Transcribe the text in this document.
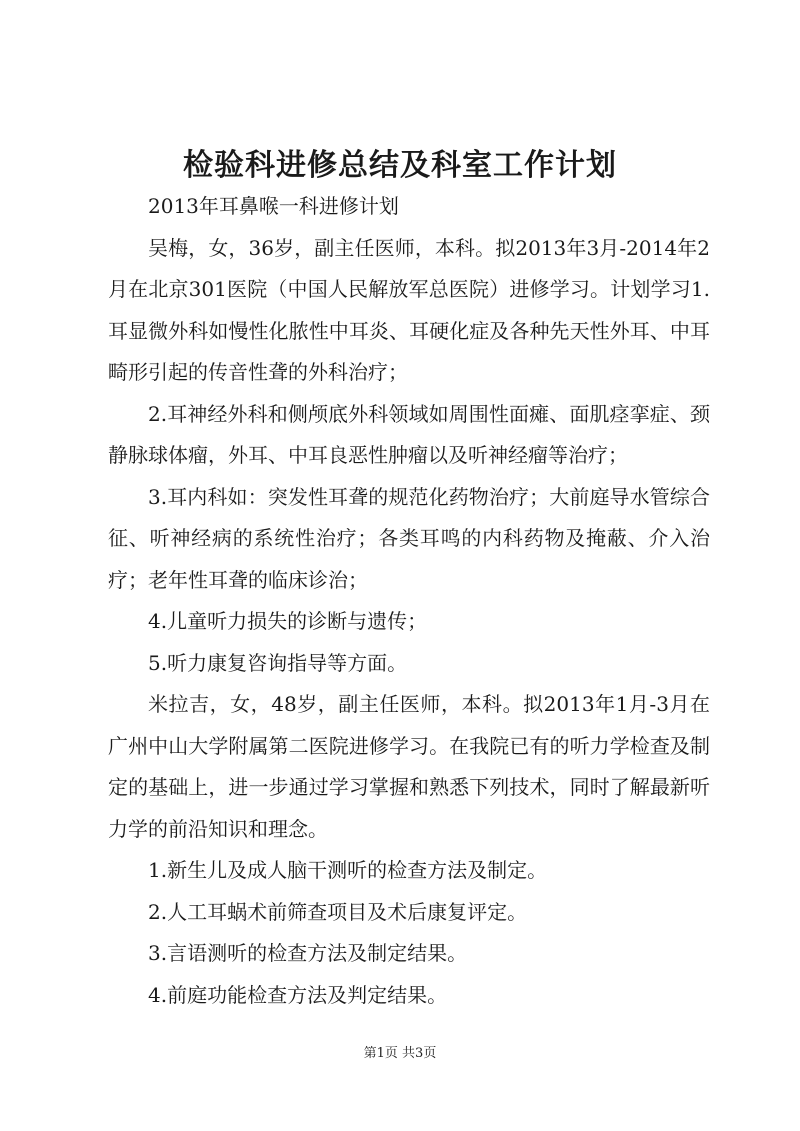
检验科进修总结及科室工作计划

2013年耳鼻喉一科进修计划

吴梅，女，36岁，副主任医师，本科。拟2013年3月-2014年2月在北京301医院（中国人民解放军总医院）进修学习。计划学习1.耳显微外科如慢性化脓性中耳炎、耳硬化症及各种先天性外耳、中耳畸形引起的传音性聋的外科治疗；

2.耳神经外科和侧颅底外科领域如周围性面瘫、面肌痉挛症、颈静脉球体瘤，外耳、中耳良恶性肿瘤以及听神经瘤等治疗；

3.耳内科如：突发性耳聋的规范化药物治疗；大前庭导水管综合征、听神经病的系统性治疗；各类耳鸣的内科药物及掩蔽、介入治疗；老年性耳聋的临床诊治；

4.儿童听力损失的诊断与遗传；

5.听力康复咨询指导等方面。

米拉吉，女，48岁，副主任医师，本科。拟2013年1月-3月在广州中山大学附属第二医院进修学习。在我院已有的听力学检查及制定的基础上，进一步通过学习掌握和熟悉下列技术，同时了解最新听力学的前沿知识和理念。

1.新生儿及成人脑干测听的检查方法及制定。

2.人工耳蜗术前筛查项目及术后康复评定。

3.言语测听的检查方法及制定结果。

4.前庭功能检查方法及判定结果。

第1页 共3页
